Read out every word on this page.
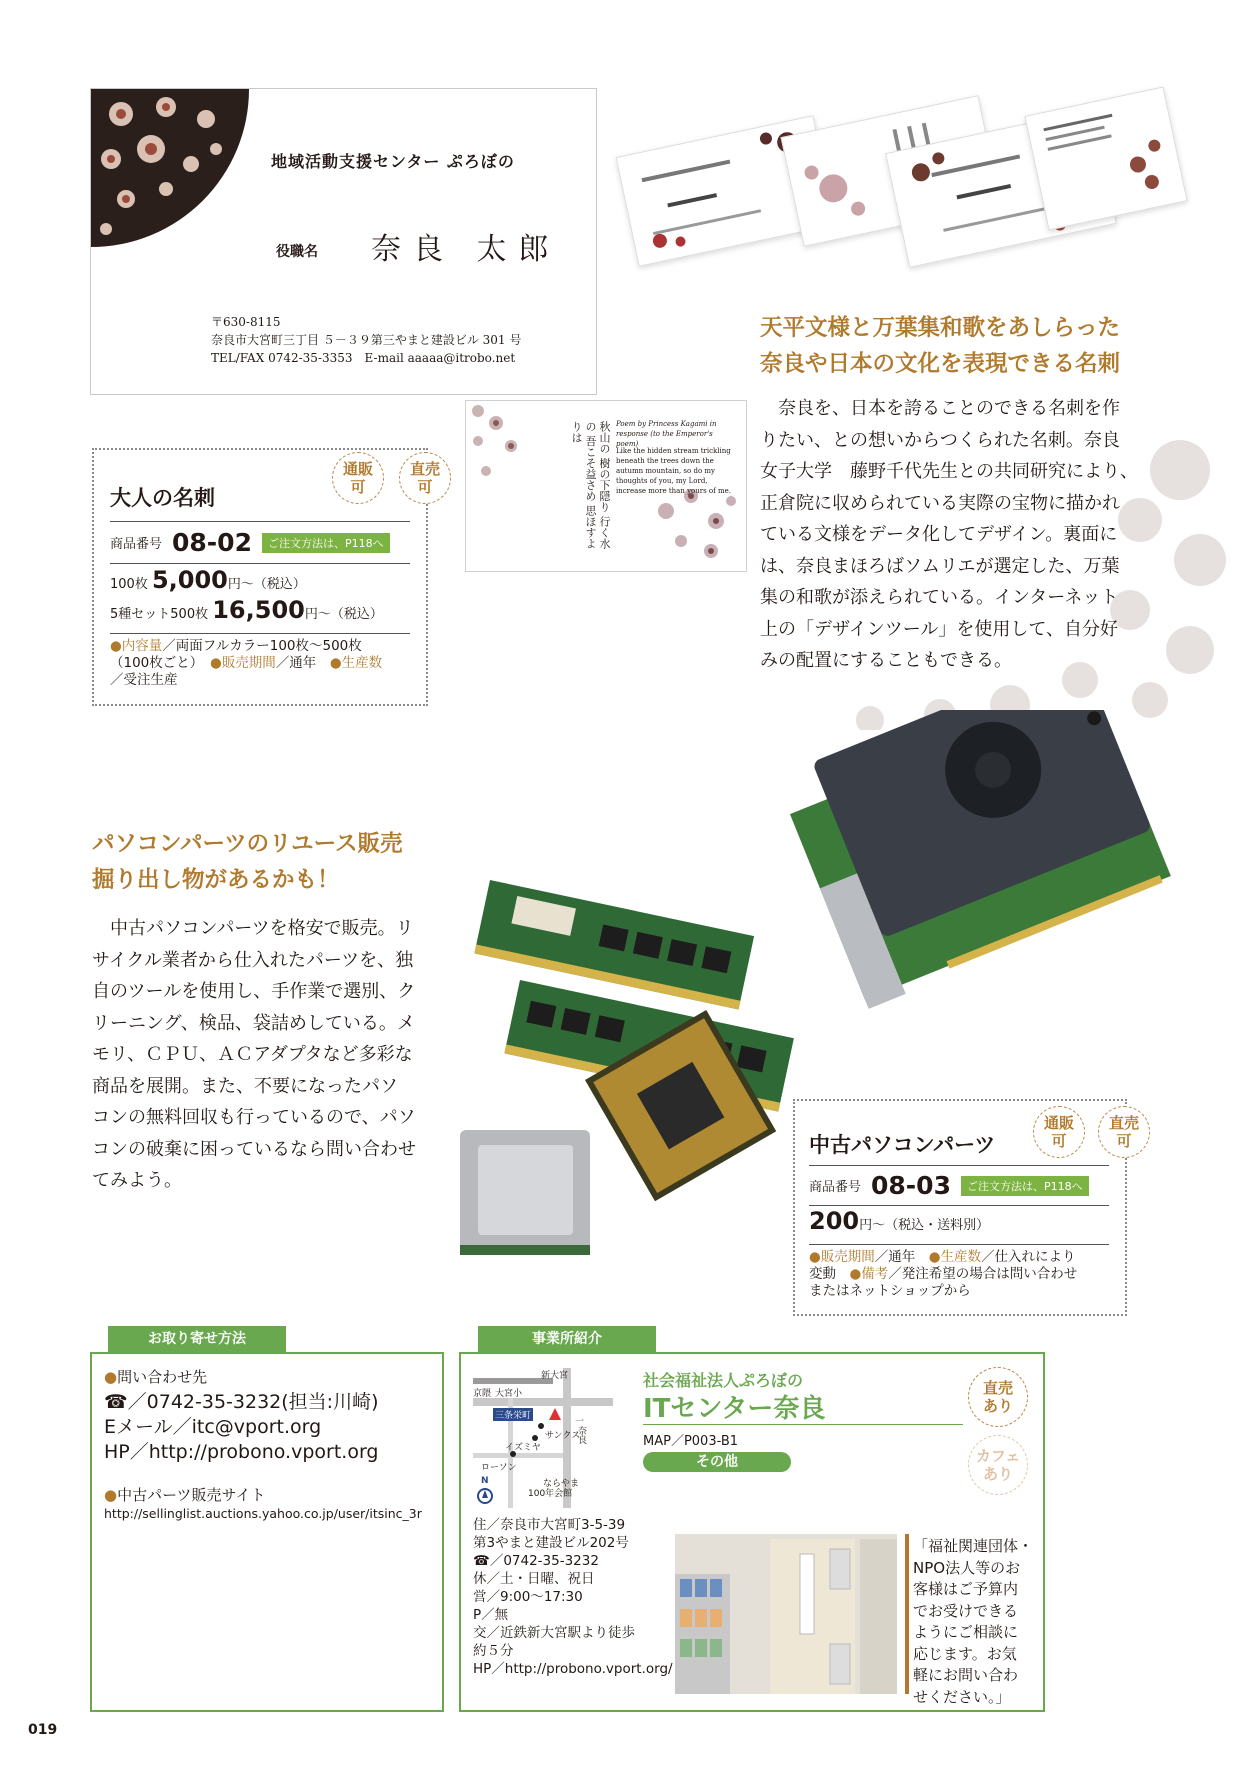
地域活動支援センター ぷろぼの
役職名 奈良 太郎
〒630-8115
奈良市大宮町三丁目 ５－３９第三やまと建設ビル 301 号
TEL/FAX 0742-35-3353　E-mail aaaaa@itrobo.net
秋山の 樹の下隠り 行く水の 吾こそ益さめ 思ほすよりは	Poem by Princess Kagami in response (to the Emperor's poem)
Like the hidden stream trickling beneath the trees down the autumn mountain, so do my thoughts of you, my Lord, increase more than yours of me.
大人の名刺
商品番号 08-02	ご注文方法は、P118へ
100枚 5,000円〜（税込）
5種セット500枚 16,500円〜（税込）
●内容量／両面フルカラー100枚〜500枚
（100枚ごと）　 ●販売期間／通年　 ●生産数
／受注生産
通販
可
直売
可
天平文様と万葉集和歌をあしらった
奈良や日本の文化を表現できる名刺
奈良を、日本を誇ることのできる名刺を作
りたい、との想いからつくられた名刺。奈良
女子大学　藤野千代先生との共同研究により、
正倉院に収められている実際の宝物に描かれ
ている文様をデータ化してデザイン。裏面に
は、奈良まほろばソムリエが選定した、万葉
集の和歌が添えられている。インターネット
上の「デザインツール」を使用して、自分好
みの配置にすることもできる。
パソコンパーツのリユース販売
掘り出し物があるかも！
中古パソコンパーツを格安で販売。リ
サイクル業者から仕入れたパーツを、独
自のツールを使用し、手作業で選別、ク
リーニング、検品、袋詰めしている。メ
モリ、ＣＰＵ、ＡＣアダプタなど多彩な
商品を展開。また、不要になったパソ
コンの無料回収も行っているので、パソ
コンの破棄に困っているなら問い合わせ
てみよう。
中古パソコンパーツ
商品番号 08-03	ご注文方法は、P118へ
200円〜（税込・送料別）
●販売期間／通年　 ●生産数／仕入れにより
変動　 ●備考／発注希望の場合は問い合わせ
またはネットショップから
通販
可
直売
可
お取り寄せ方法
●問い合わせ先
☎／0742-35-3232(担当:川崎)
Eメール／itc@vport.org
HP／http://probono.vport.org
●中古パーツ販売サイト
http://sellinglist.auctions.yahoo.co.jp/user/itsinc_3r
事業所紹介
新大宮
大宮小
京隈
三条栄町
サンクス
イズミヤ
ローソン
一
奈良
ならやま
100年会館
N
社会福祉法人ぷろぼの
ITセンター奈良
MAP／P003-B1
その他
住／奈良市大宮町3-5-39
第3やまと建設ビル202号
☎／0742-35-3232
休／土・日曜、祝日
営／9:00〜17:30
P／無
交／近鉄新大宮駅より徒歩
約５分
HP／http://probono.vport.org/
「福祉関連団体・
NPO法人等のお
客様はご予算内
でお受けできる
ようにご相談に
応じます。お気
軽にお問い合わ
せください。」
直売
あり
カフェ
あり
019
